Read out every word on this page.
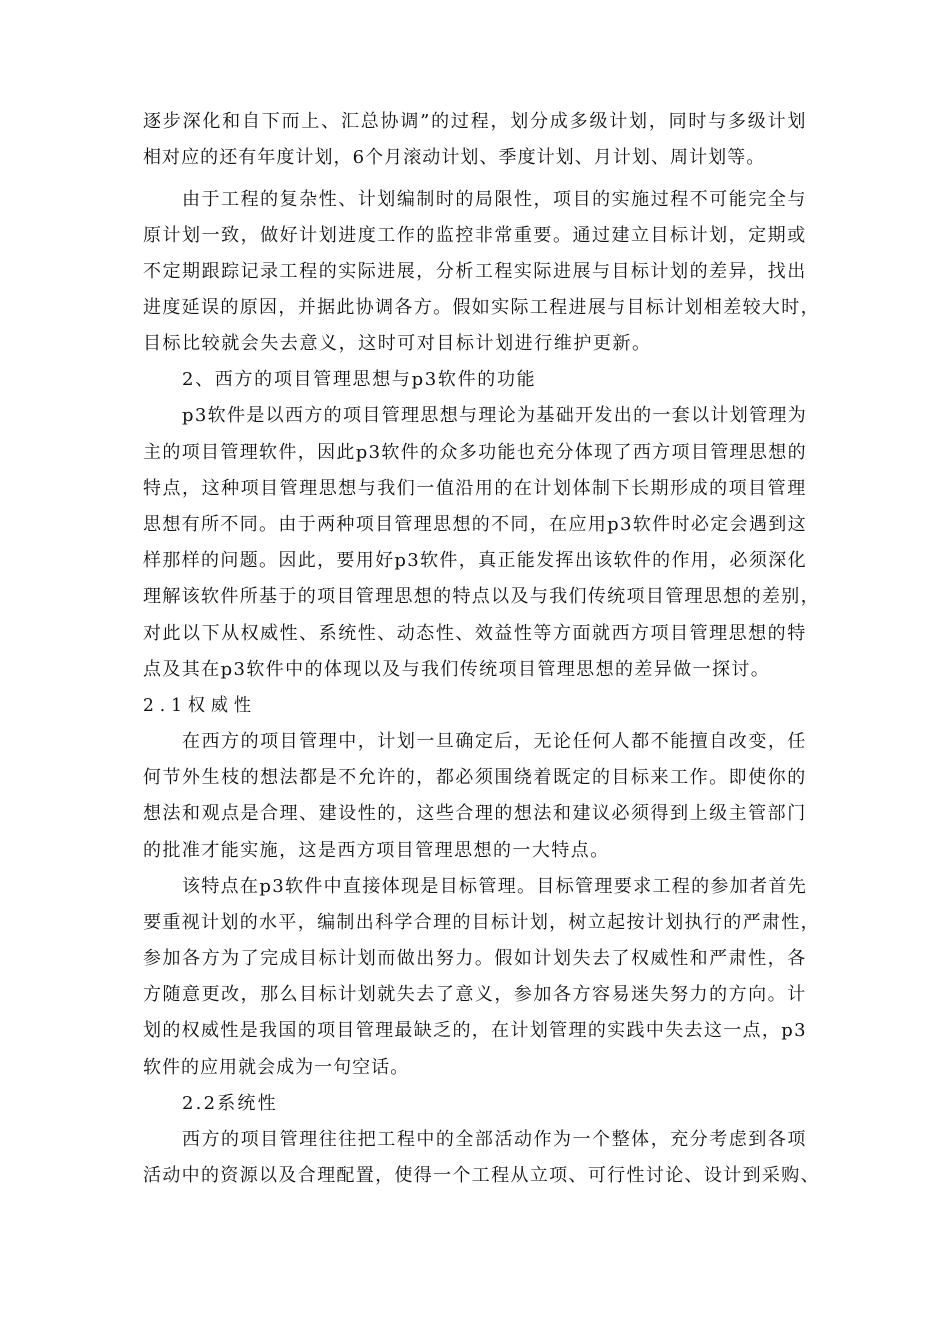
逐步深化和自下而上、汇总协调”的过程，划分成多级计划，同时与多级计划
相对应的还有年度计划，6个月滚动计划、季度计划、月计划、周计划等。
由于工程的复杂性、计划编制时的局限性，项目的实施过程不可能完全与
原计划一致，做好计划进度工作的监控非常重要。通过建立目标计划，定期或
不定期跟踪记录工程的实际进展，分析工程实际进展与目标计划的差异，找出
进度延误的原因，并据此协调各方。假如实际工程进展与目标计划相差较大时，
目标比较就会失去意义，这时可对目标计划进行维护更新。
2、西方的项目管理思想与p3软件的功能
p3软件是以西方的项目管理思想与理论为基础开发出的一套以计划管理为
主的项目管理软件，因此p3软件的众多功能也充分体现了西方项目管理思想的
特点，这种项目管理思想与我们一值沿用的在计划体制下长期形成的项目管理
思想有所不同。由于两种项目管理思想的不同，在应用p3软件时必定会遇到这
样那样的问题。因此，要用好p3软件，真正能发挥出该软件的作用，必须深化
理解该软件所基于的项目管理思想的特点以及与我们传统项目管理思想的差别，
对此以下从权威性、系统性、动态性、效益性等方面就西方项目管理思想的特
点及其在p3软件中的体现以及与我们传统项目管理思想的差异做一探讨。
2.1权威性
在西方的项目管理中，计划一旦确定后，无论任何人都不能擅自改变，任
何节外生枝的想法都是不允许的，都必须围绕着既定的目标来工作。即使你的
想法和观点是合理、建设性的，这些合理的想法和建议必须得到上级主管部门
的批准才能实施，这是西方项目管理思想的一大特点。
该特点在p3软件中直接体现是目标管理。目标管理要求工程的参加者首先
要重视计划的水平，编制出科学合理的目标计划，树立起按计划执行的严肃性，
参加各方为了完成目标计划而做出努力。假如计划失去了权威性和严肃性，各
方随意更改，那么目标计划就失去了意义，参加各方容易迷失努力的方向。计
划的权威性是我国的项目管理最缺乏的，在计划管理的实践中失去这一点，p3
软件的应用就会成为一句空话。
2.2系统性
西方的项目管理往往把工程中的全部活动作为一个整体，充分考虑到各项
活动中的资源以及合理配置，使得一个工程从立项、可行性讨论、设计到采购、
